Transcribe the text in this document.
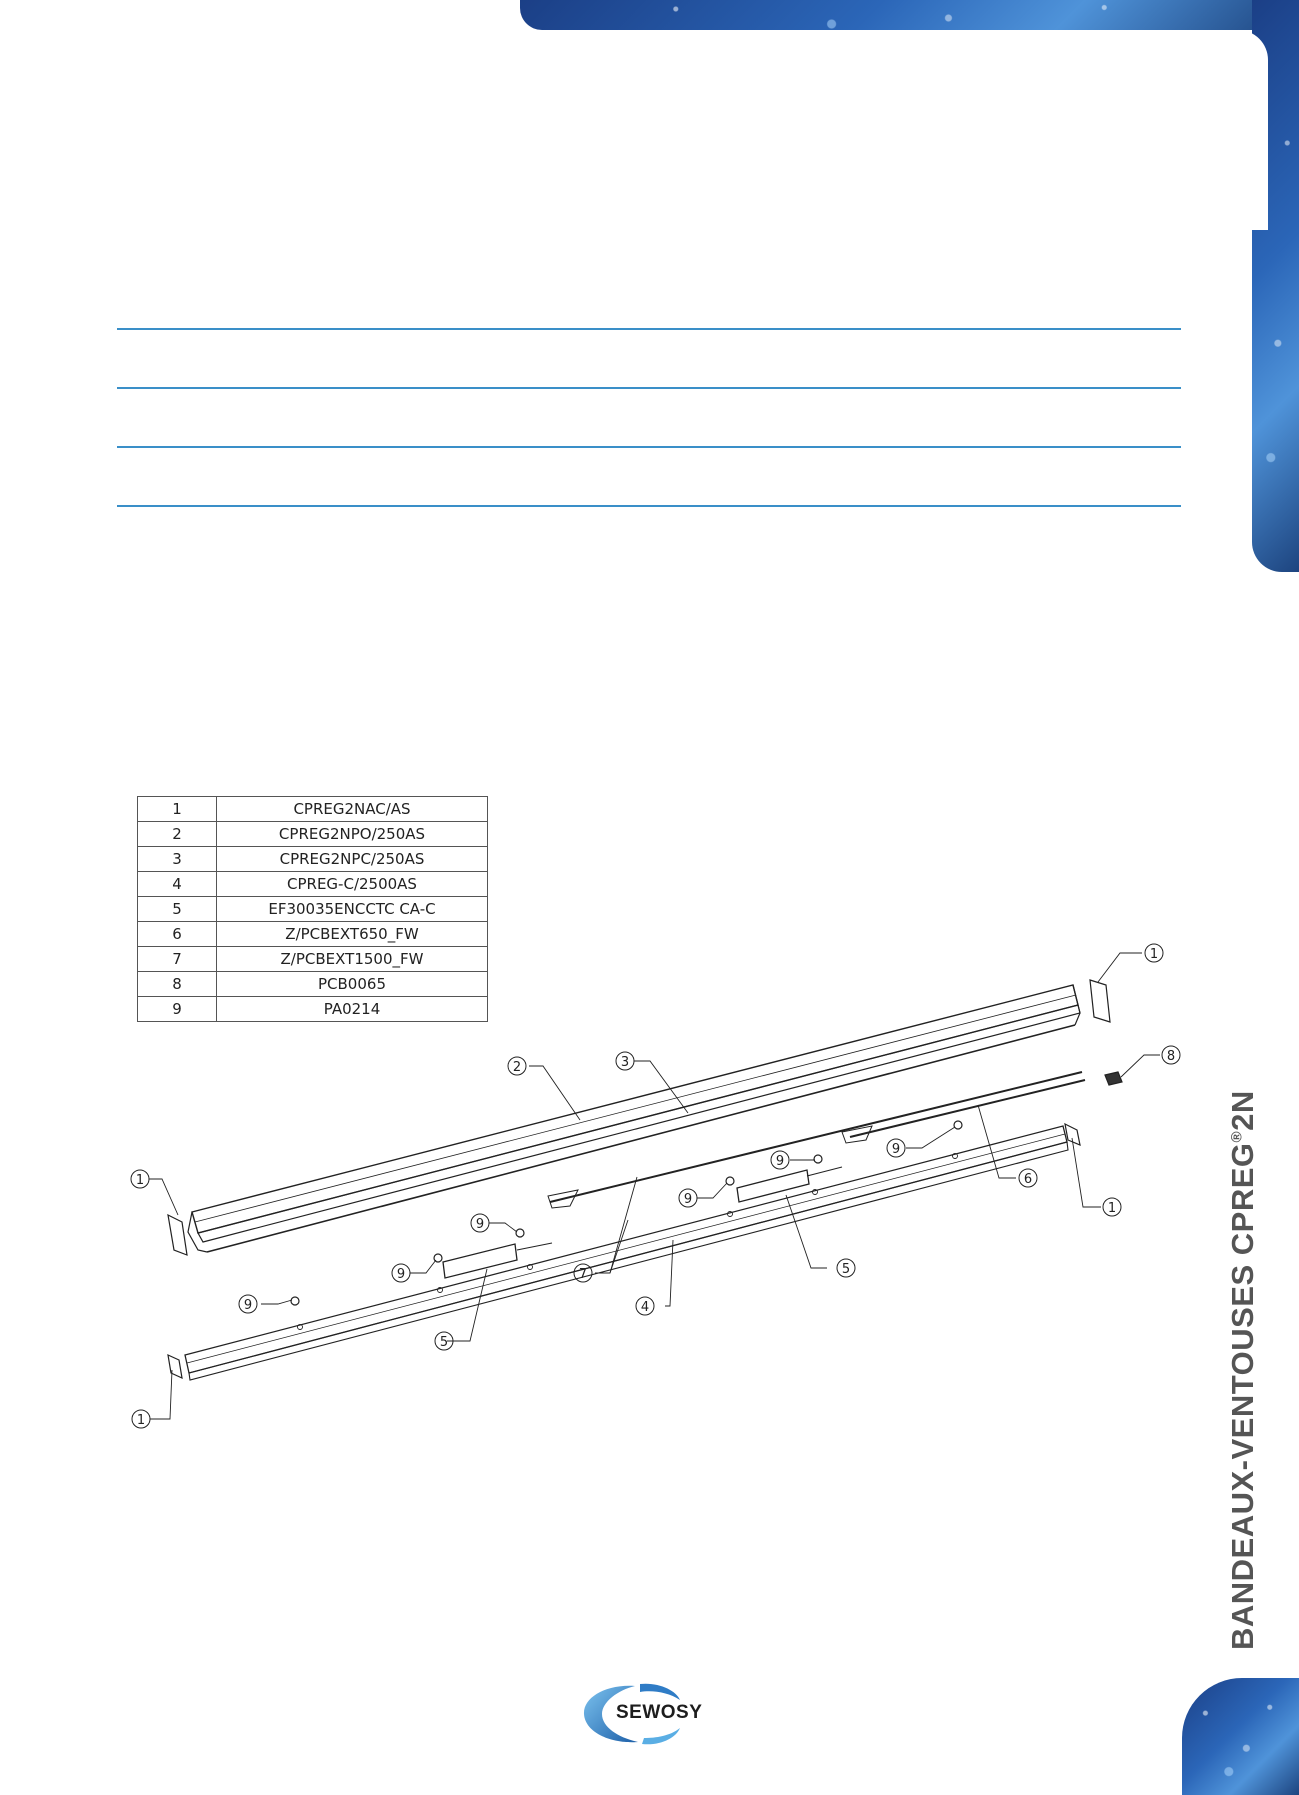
1	CPREG2NAC/AS
2	CPREG2NPO/250AS
3	CPREG2NPC/250AS
4	CPREG-C/2500AS
5	EF30035ENCCTC CA-C
6	Z/PCBEXT650_FW
7	Z/PCBEXT1500_FW
8	PCB0065
9	PA0214
1
1
1
1
2	3
4
5
5
6
7
8
9
9
9
9
9
9	BANDEAUX-VENTOUSES CPREG®2N
SEWOSY
